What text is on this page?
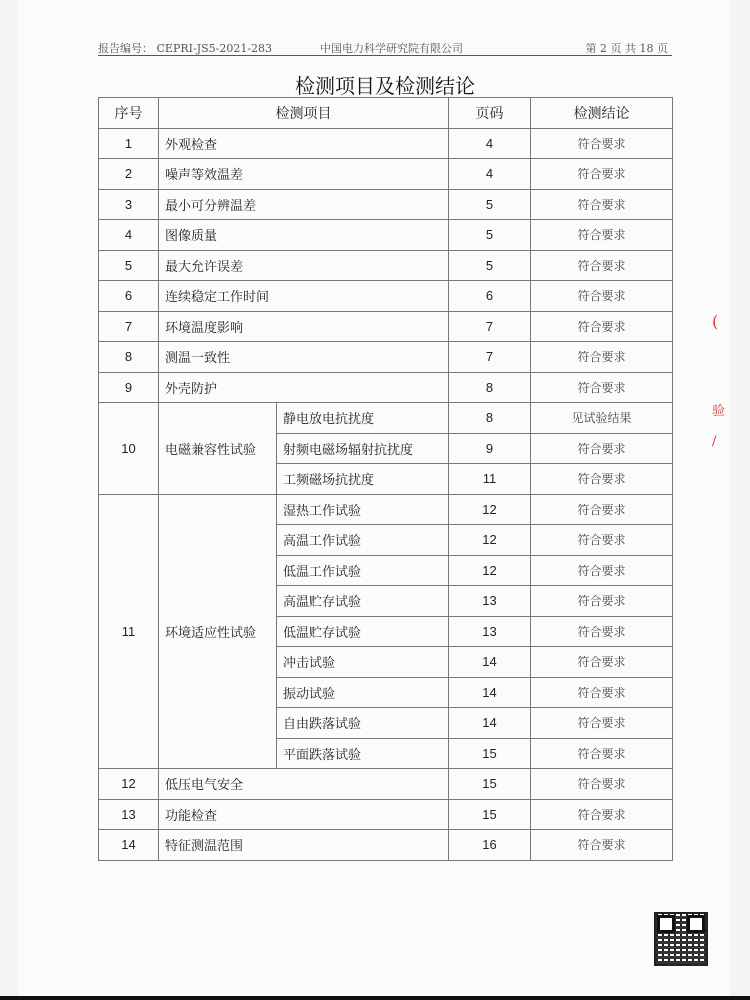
报告编号： CEPRI-JS5-2021-283	中国电力科学研究院有限公司	第 2 页 共 18 页
检测项目及检测结论
序号	检测项目		页码	检测结论
1	外观检查		4	符合要求
2	噪声等效温差		4	符合要求
3	最小可分辨温差		5	符合要求
4	图像质量		5	符合要求
5	最大允许误差		5	符合要求
6	连续稳定工作时间		6	符合要求
7	环境温度影响		7	符合要求
8	测温一致性		7	符合要求
9	外壳防护		8	符合要求
10	电磁兼容性试验	静电放电抗扰度	8	见试验结果
		射频电磁场辐射抗扰度	9	符合要求
		工频磁场抗扰度	11	符合要求
11	环境适应性试验	湿热工作试验	12	符合要求
		高温工作试验	12	符合要求
		低温工作试验	12	符合要求
		高温贮存试验	13	符合要求
		低温贮存试验	13	符合要求
		冲击试验	14	符合要求
		振动试验	14	符合要求
		自由跌落试验	14	符合要求
		平面跌落试验	15	符合要求
12	低压电气安全		15	符合要求
13	功能检查		15	符合要求
14	特征测温范围		16	符合要求
(
验
/
